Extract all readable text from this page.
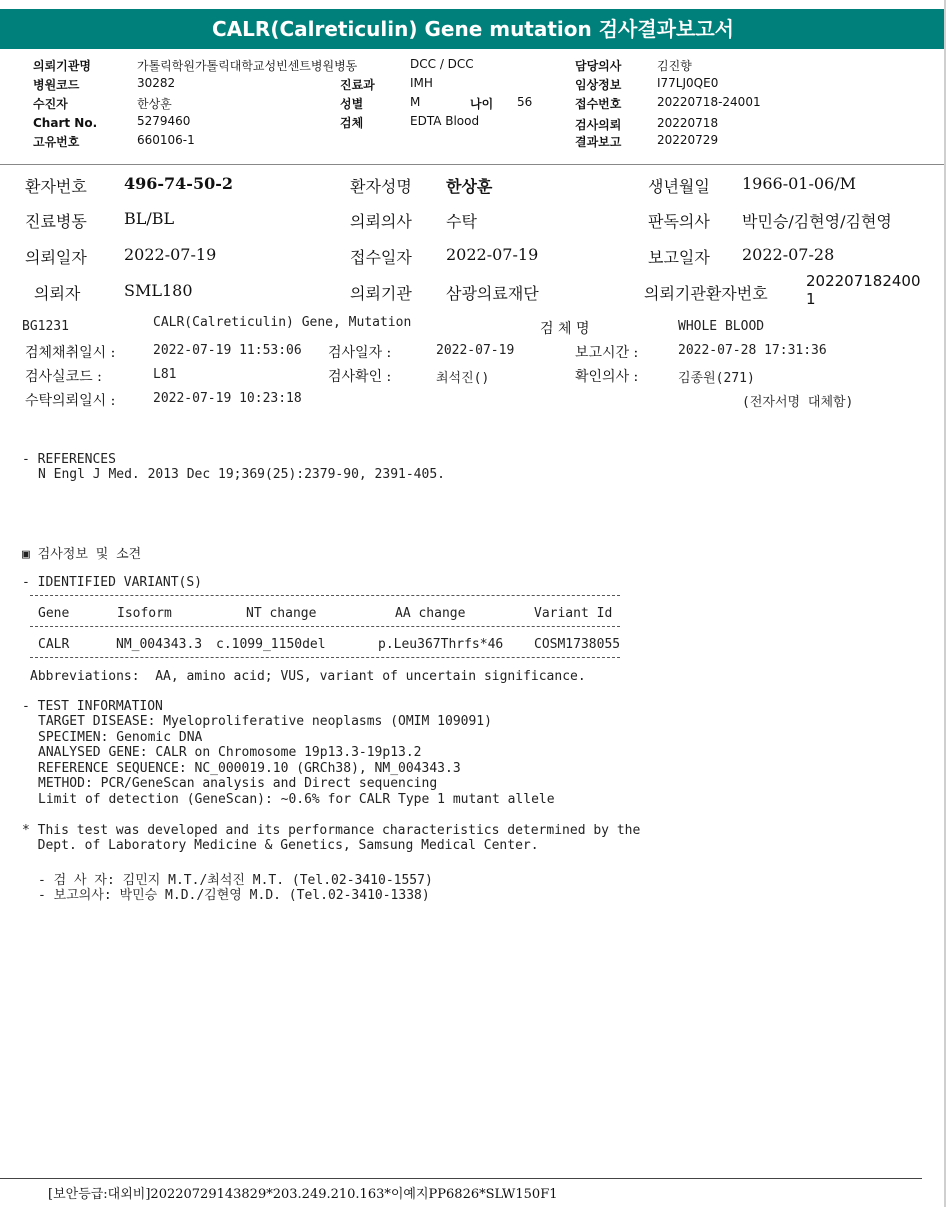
CALR(Calreticulin) Gene mutation 검사결과보고서
의뢰기관명	가톨릭학원가톨릭대학교성빈센트병원병동	DCC / DCC	담당의사	김진향
병원코드	30282	진료과	IMH	임상정보	I77LJ0QE0
수진자	한상훈	성별	M	나이 56	접수번호	20220718-24001
Chart No.	5279460	검체	EDTA Blood	검사의뢰	20220718
고유번호	660106-1	결과보고	20220729
환자번호 496-74-50-2	환자성명 한상훈	생년월일 1966-01-06/M
진료병동 BL/BL	의뢰의사 수탁	판독의사 박민승/김현영/김현영
의뢰일자 2022-07-19	접수일자 2022-07-19	보고일자 2022-07-28
의뢰자	SML180	의뢰기관 삼광의료재단	의뢰기관환자번호
202207182400
1
BG1231	CALR(Calreticulin) Gene, Mutation	검 체 명	WHOLE BLOOD
검체채취일시 :	2022-07-19 11:53:06 검사일자 :	2022-07-19	보고시간 :	2022-07-28 17:31:36
검사실코드 :	L81	검사확인 :	최석진()	확인의사 :	김종원(271)
수탁의뢰일시 :	2022-07-19 10:23:18	(전자서명 대체함)
- REFERENCES
N Engl J Med. 2013 Dec 19;369(25):2379-90, 2391-405.
▣ 검사정보 및 소견
- IDENTIFIED VARIANT(S)
Gene	Isoform	NT change	AA change	Variant Id
CALR	NM_004343.3 c.1099_1150del	p.Leu367Thrfs*46 COSM1738055
Abbreviations:  AA, amino acid; VUS, variant of uncertain significance.
- TEST INFORMATION
TARGET DISEASE: Myeloproliferative neoplasms (OMIM 109091)
SPECIMEN: Genomic DNA
ANALYSED GENE: CALR on Chromosome 19p13.3-19p13.2
REFERENCE SEQUENCE: NC_000019.10 (GRCh38), NM_004343.3
METHOD: PCR/GeneScan analysis and Direct sequencing
Limit of detection (GeneScan): ~0.6% for CALR Type 1 mutant allele
* This test was developed and its performance characteristics determined by the
Dept. of Laboratory Medicine & Genetics, Samsung Medical Center.
- 검 사 자: 김민지 M.T./최석진 M.T. (Tel.02-3410-1557)
- 보고의사: 박민승 M.D./김현영 M.D. (Tel.02-3410-1338)
[보안등급:대외비]20220729143829*203.249.210.163*이예지PP6826*SLW150F1
